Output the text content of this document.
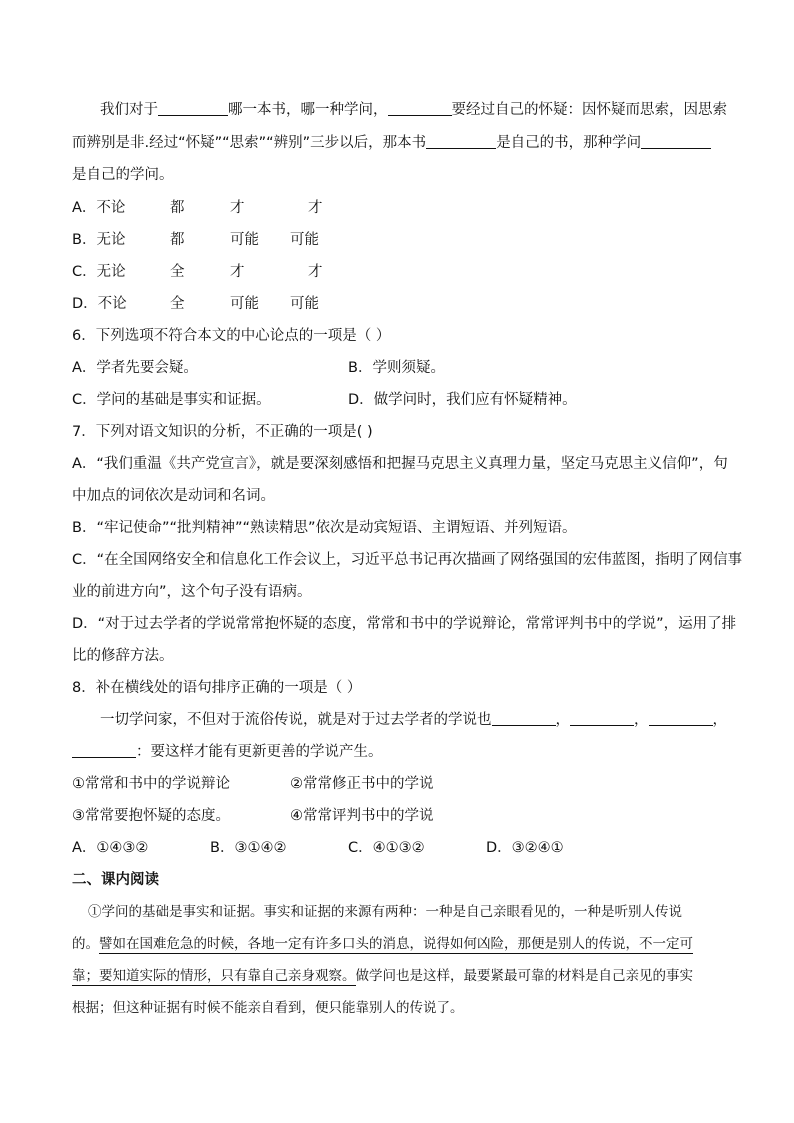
我们对于	哪一本书，哪一种学问，	要经过自己的怀疑：因怀疑而思索，因思索
而辨别是非.经过“怀疑”“思索”“辨别”三步以后，那本书	是自己的书，那种学问
是自己的学问。
A．不论	都	才	才
B．无论	都	可能 可能
C．无论	全	才	才
D．不论	全	可能 可能
6．下列选项不符合本文的中心论点的一项是（ ）
A．学者先要会疑。	B．学则须疑。
C．学问的基础是事实和证据。	D．做学问时，我们应有怀疑精神。
7．下列对语文知识的分析，不正确的一项是( )
A．“我们重温《共产党宣言》，就是要深刻感悟和把握马克思主义真理力量，坚定马克思主义信仰”，句
中加点的词依次是动词和名词。
B．“牢记使命”“批判精神”“熟读精思”依次是动宾短语、主谓短语、并列短语。
C．“在全国网络安全和信息化工作会议上，习近平总书记再次描画了网络强国的宏伟蓝图，指明了网信事
业的前进方向”，这个句子没有语病。
D．“对于过去学者的学说常常抱怀疑的态度，常常和书中的学说辩论，常常评判书中的学说”，运用了排
比的修辞方法。
8．补在横线处的语句排序正确的一项是（ ）
一切学问家，不但对于流俗传说，就是对于过去学者的学说也	，	，	，
：要这样才能有更新更善的学说产生。
①常常和书中的学说辩论	②常常修正书中的学说
③常常要抱怀疑的态度。	④常常评判书中的学说
A．①④③②	B．③①④②	C．④①③②	D．③②④①
二、课内阅读
①学问的基础是事实和证据。事实和证据的来源有两种：一种是自己亲眼看见的，一种是听别人传说
的。譬如在国难危急的时候，各地一定有许多口头的消息，说得如何凶险，那便是别人的传说，不一定可
靠；要知道实际的情形，只有靠自己亲身观察。做学问也是这样，最要紧最可靠的材料是自己亲见的事实
根据；但这种证据有时候不能亲自看到，便只能靠别人的传说了。
